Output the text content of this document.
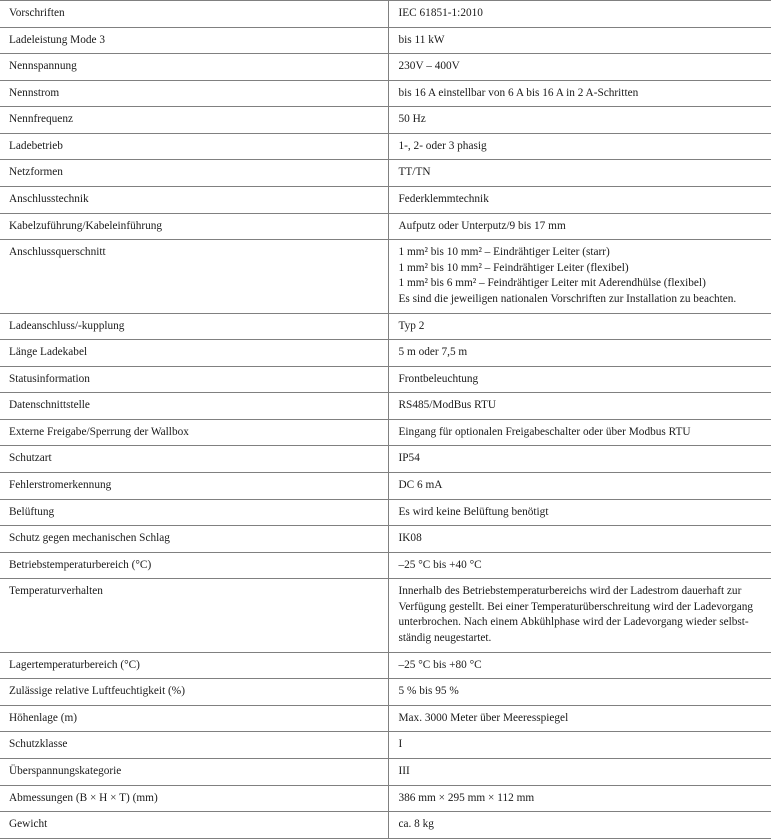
Vorschriften	IEC 61851-1:2010
Ladeleistung Mode 3	bis 11 kW
Nennspannung	230V – 400V
Nennstrom	bis 16 A einstellbar von 6 A bis 16 A in 2 A-Schritten
Nennfrequenz	50 Hz
Ladebetrieb	1-, 2- oder 3 phasig
Netzformen	TT/TN
Anschlusstechnik	Federklemmtechnik
Kabelzuführung/Kabeleinführung	Aufputz oder Unterputz/9 bis 17 mm
Anschlussquerschnitt	1 mm² bis 10 mm² – Eindrähtiger Leiter (starr)
1 mm² bis 10 mm² – Feindrähtiger Leiter (flexibel)
1 mm² bis 6 mm² – Feindrähtiger Leiter mit Aderendhülse (flexibel)
Es sind die jeweiligen nationalen Vorschriften zur Installation zu beachten.

Ladeanschluss/-kupplung	Typ 2
Länge Ladekabel	5 m oder 7,5 m
Statusinformation	Frontbeleuchtung
Datenschnittstelle	RS485/ModBus RTU
Externe Freigabe/Sperrung der Wallbox	Eingang für optionalen Freigabeschalter oder über Modbus RTU
Schutzart	IP54
Fehlerstromerkennung	DC 6 mA
Belüftung	Es wird keine Belüftung benötigt
Schutz gegen mechanischen Schlag	IK08
Betriebstemperaturbereich (°C)	–25 °C bis +40 °C
Temperaturverhalten	Innerhalb des Betriebstemperaturbereichs wird der Ladestrom dauerhaft zur
Verfügung gestellt. Bei einer Temperaturüberschreitung wird der Ladevorgang
unterbrochen. Nach einem Abkühlphase wird der Ladevorgang wieder selbst-
ständig neugestartet.

Lagertemperaturbereich (°C)	–25 °C bis +80 °C
Zulässige relative Luftfeuchtigkeit (%)	5 % bis 95 %
Höhenlage (m)	Max. 3000 Meter über Meeresspiegel
Schutzklasse	I
Überspannungskategorie	III
Abmessungen (B × H × T) (mm)	386 mm × 295 mm × 112 mm
Gewicht	ca. 8 kg
